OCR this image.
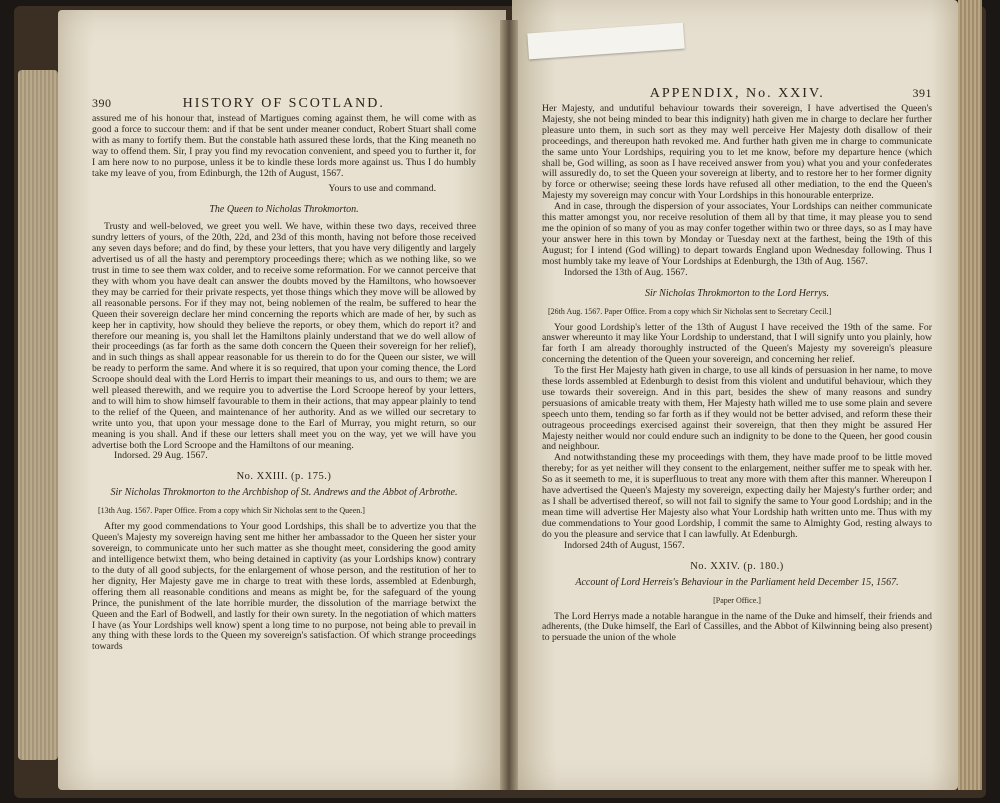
390	HISTORY OF SCOTLAND.

assured me of his honour that, instead of Martigues coming against them, he will come with as good a force to succour them: and if that be sent under meaner conduct, Robert Stuart shall come with as many to fortify them. But the constable hath assured these lords, that the King meaneth no way to offend them. Sir, I pray you find my revocation convenient, and speed you to further it, for I am here now to no purpose, unless it be to kindle these lords more against us. Thus I do humbly take my leave of you, from Edinburgh, the 12th of August, 1567.

Yours to use and command.
The Queen to Nicholas Throkmorton.

Trusty and well-beloved, we greet you well. We have, within these two days, received three sundry letters of yours, of the 20th, 22d, and 23d of this month, having not before those received any seven days before; and do find, by these your letters, that you have very diligently and largely advertised us of all the hasty and peremptory proceedings there; which as we nothing like, so we trust in time to see them wax colder, and to receive some reformation. For we cannot perceive that they with whom you have dealt can answer the doubts moved by the Hamiltons, who howsoever they may be carried for their private respects, yet those things which they move will be allowed by all reasonable persons. For if they may not, being noblemen of the realm, be suffered to hear the Queen their sovereign declare her mind concerning the reports which are made of her, by such as keep her in captivity, how should they believe the reports, or obey them, which do report it? and therefore our meaning is, you shall let the Hamiltons plainly understand that we do well allow of their proceedings (as far forth as the same doth concern the Queen their sovereign for her relief), and in such things as shall appear reasonable for us therein to do for the Queen our sister, we will be ready to perform the same. And where it is so required, that upon your coming thence, the Lord Scroope should deal with the Lord Herris to impart their meanings to us, and ours to them; we are well pleased therewith, and we require you to advertise the Lord Scroope hereof by your letters, and to will him to show himself favourable to them in their actions, that may appear plainly to tend to the relief of the Queen, and maintenance of her authority. And as we willed our secretary to write unto you, that upon your message done to the Earl of Murray, you might return, so our meaning is you shall. And if these our letters shall meet you on the way, yet we will have you advertise both the Lord Scroope and the Hamiltons of our meaning.

Indorsed. 29 Aug. 1567.

No. XXIII. (p. 175.)
Sir Nicholas Throkmorton to the Archbishop of St. Andrews and the Abbot of Arbrothe.
[13th Aug. 1567. Paper Office. From a copy which Sir Nicholas sent to the Queen.]

After my good commendations to Your good Lordships, this shall be to advertize you that the Queen's Majesty my sovereign having sent me hither her ambassador to the Queen her sister your sovereign, to communicate unto her such matter as she thought meet, considering the good amity and intelligence betwixt them, who being detained in captivity (as your Lordships know) contrary to the duty of all good subjects, for the enlargement of whose person, and the restitution of her to her dignity, Her Majesty gave me in charge to treat with these lords, assembled at Edenburgh, offering them all reasonable conditions and means as might be, for the safeguard of the young Prince, the punishment of the late horrible murder, the dissolution of the marriage betwixt the Queen and the Earl of Bodwell, and lastly for their own surety. In the negotiation of which matters I have (as Your Lordships well know) spent a long time to no purpose, not being able to prevail in any thing with these lords to the Queen my sovereign's satisfaction. Of which strange proceedings towards

APPENDIX, No. XXIV.	391

Her Majesty, and undutiful behaviour towards their sovereign, I have advertised the Queen's Majesty, she not being minded to bear this indignity) hath given me in charge to declare her further pleasure unto them, in such sort as they may well perceive Her Majesty doth disallow of their proceedings, and thereupon hath revoked me. And further hath given me in charge to communicate the same unto Your Lordships, requiring you to let me know, before my departure hence (which shall be, God willing, as soon as I have received answer from you) what you and your confederates will assuredly do, to set the Queen your sovereign at liberty, and to restore her to her former dignity by force or otherwise; seeing these lords have refused all other mediation, to the end the Queen's Majesty my sovereign may concur with Your Lordships in this honourable enterprize.

And in case, through the dispersion of your associates, Your Lordships can neither communicate this matter amongst you, nor receive resolution of them all by that time, it may please you to send me the opinion of so many of you as may confer together within two or three days, so as I may have your answer here in this town by Monday or Tuesday next at the farthest, being the 19th of this August; for I intend (God willing) to depart towards England upon Wednesday following. Thus I most humbly take my leave of Your Lordships at Edenburgh, the 13th of Aug. 1567.

Indorsed the 13th of Aug. 1567.

Sir Nicholas Throkmorton to the Lord Herrys.
[26th Aug. 1567. Paper Office. From a copy which Sir Nicholas sent to Secretary Cecil.]

Your good Lordship's letter of the 13th of August I have received the 19th of the same. For answer whereunto it may like Your Lordship to understand, that I will signify unto you plainly, how far forth I am already thoroughly instructed of the Queen's Majesty my sovereign's pleasure concerning the detention of the Queen your sovereign, and concerning her relief.

To the first Her Majesty hath given in charge, to use all kinds of persuasion in her name, to move these lords assembled at Edenburgh to desist from this violent and undutiful behaviour, which they use towards their sovereign. And in this part, besides the shew of many reasons and sundry persuasions of amicable treaty with them, Her Majesty hath willed me to use some plain and severe speech unto them, tending so far forth as if they would not be better advised, and reform these their outrageous proceedings exercised against their sovereign, that then they might be assured Her Majesty neither would nor could endure such an indignity to be done to the Queen, her good cousin and neighbour.

And notwithstanding these my proceedings with them, they have made proof to be little moved thereby; for as yet neither will they consent to the enlargement, neither suffer me to speak with her. So as it seemeth to me, it is superfluous to treat any more with them after this manner. Whereupon I have advertised the Queen's Majesty my sovereign, expecting daily her Majesty's further order; and as I shall be advertised thereof, so will not fail to signify the same to Your good Lordship; and in the mean time will advertise Her Majesty also what Your Lordship hath written unto me. Thus with my due commendations to Your good Lordship, I commit the same to Almighty God, resting always to do you the pleasure and service that I can lawfully. At Edenburgh.

Indorsed 24th of August, 1567.

No. XXIV. (p. 180.)
Account of Lord Herreis's Behaviour in the Parliament held December 15, 1567.
[Paper Office.]

The Lord Herrys made a notable harangue in the name of the Duke and himself, their friends and adherents, (the Duke himself, the Earl of Cassilles, and the Abbot of Kilwinning being also present) to persuade the union of the whole
